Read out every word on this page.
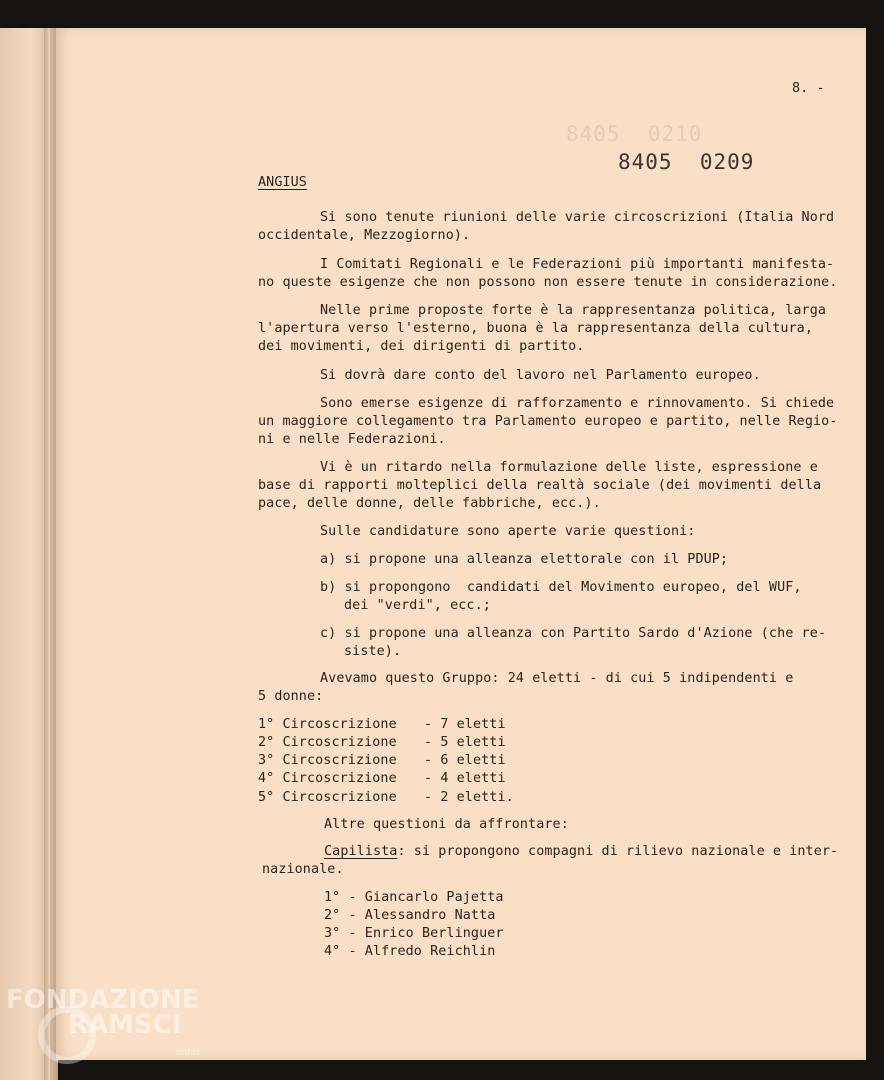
8405  0210
8. -
8405  0209
ANGIUS
Si sono tenute riunioni delle varie circoscrizioni (Italia Nord
occidentale, Mezzogiorno).
I Comitati Regionali e le Federazioni più importanti manifesta-
no queste esigenze che non possono non essere tenute in considerazione.
Nelle prime proposte forte è la rappresentanza politica, larga
l'apertura verso l'esterno, buona è la rappresentanza della cultura,
dei movimenti, dei dirigenti di partito.
Si dovrà dare conto del lavoro nel Parlamento europeo.
Sono emerse esigenze di rafforzamento e rinnovamento. Si chiede
un maggiore collegamento tra Parlamento europeo e partito, nelle Regio-
ni e nelle Federazioni.
Vi è un ritardo nella formulazione delle liste, espressione e
base di rapporti molteplici della realtà sociale (dei movimenti della
pace, delle donne, delle fabbriche, ecc.).
Sulle candidature sono aperte varie questioni:
a) si propone una alleanza elettorale con il PDUP;
b) si propongono  candidati del Movimento europeo, del WUF,
dei "verdi", ecc.;
c) si propone una alleanza con Partito Sardo d'Azione (che re-
siste).
Avevamo questo Gruppo: 24 eletti - di cui 5 indipendenti e
5 donne:
1° Circoscrizione - 7 eletti
2° Circoscrizione - 5 eletti
3° Circoscrizione - 6 eletti
4° Circoscrizione - 4 eletti
5° Circoscrizione - 2 eletti.
Altre questioni da affrontare:
Capilista: si propongono compagni di rilievo nazionale e inter-
nazionale.
1° - Giancarlo Pajetta
2° - Alessandro Natta
3° - Enrico Berlinguer
4° - Alfredo Reichlin
FONDAZIONE
RAMSCI
onlus
